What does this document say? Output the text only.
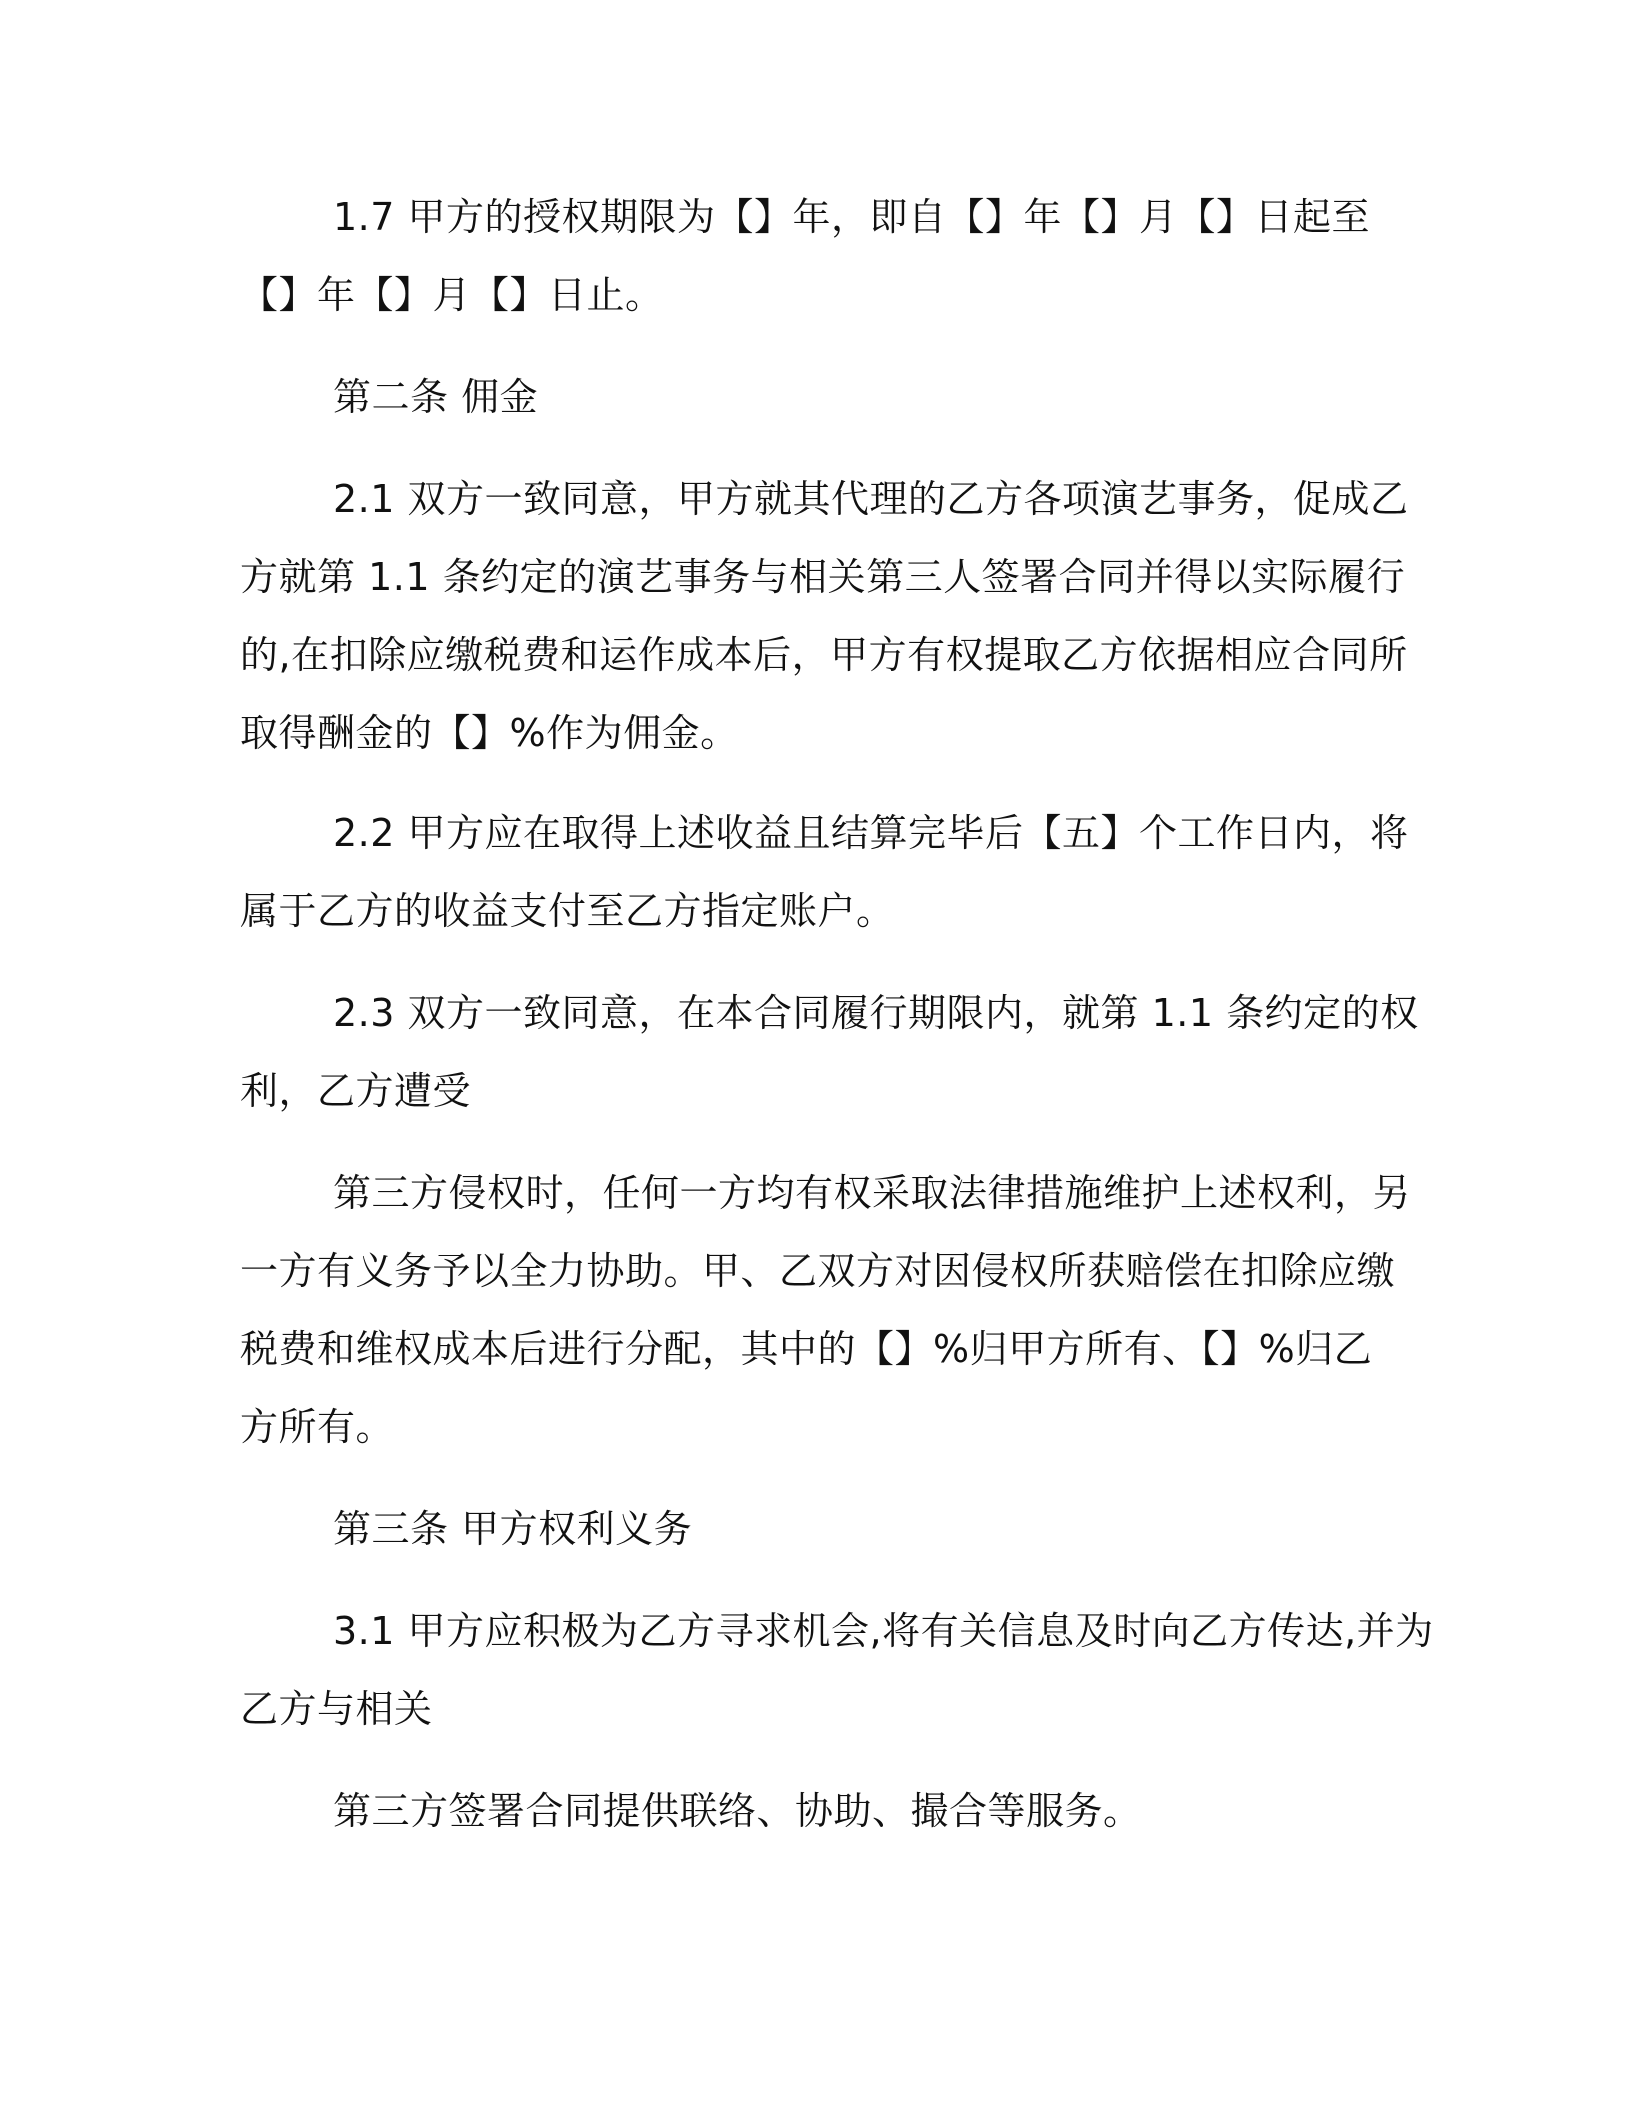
1.7 甲方的授权期限为【】年，即自【】年【】月【】日起至
【】年【】月【】日止。
第二条 佣金
2.1 双方一致同意，甲方就其代理的乙方各项演艺事务，促成乙
方就第 1.1 条约定的演艺事务与相关第三人签署合同并得以实际履行
的,在扣除应缴税费和运作成本后，甲方有权提取乙方依据相应合同所
取得酬金的【】%作为佣金。
2.2 甲方应在取得上述收益且结算完毕后【五】个工作日内，将
属于乙方的收益支付至乙方指定账户。
2.3 双方一致同意，在本合同履行期限内，就第 1.1 条约定的权
利，乙方遭受
第三方侵权时，任何一方均有权采取法律措施维护上述权利，另
一方有义务予以全力协助。甲、乙双方对因侵权所获赔偿在扣除应缴
税费和维权成本后进行分配，其中的【】%归甲方所有、【】%归乙
方所有。
第三条 甲方权利义务
3.1 甲方应积极为乙方寻求机会,将有关信息及时向乙方传达,并为
乙方与相关
第三方签署合同提供联络、协助、撮合等服务。
